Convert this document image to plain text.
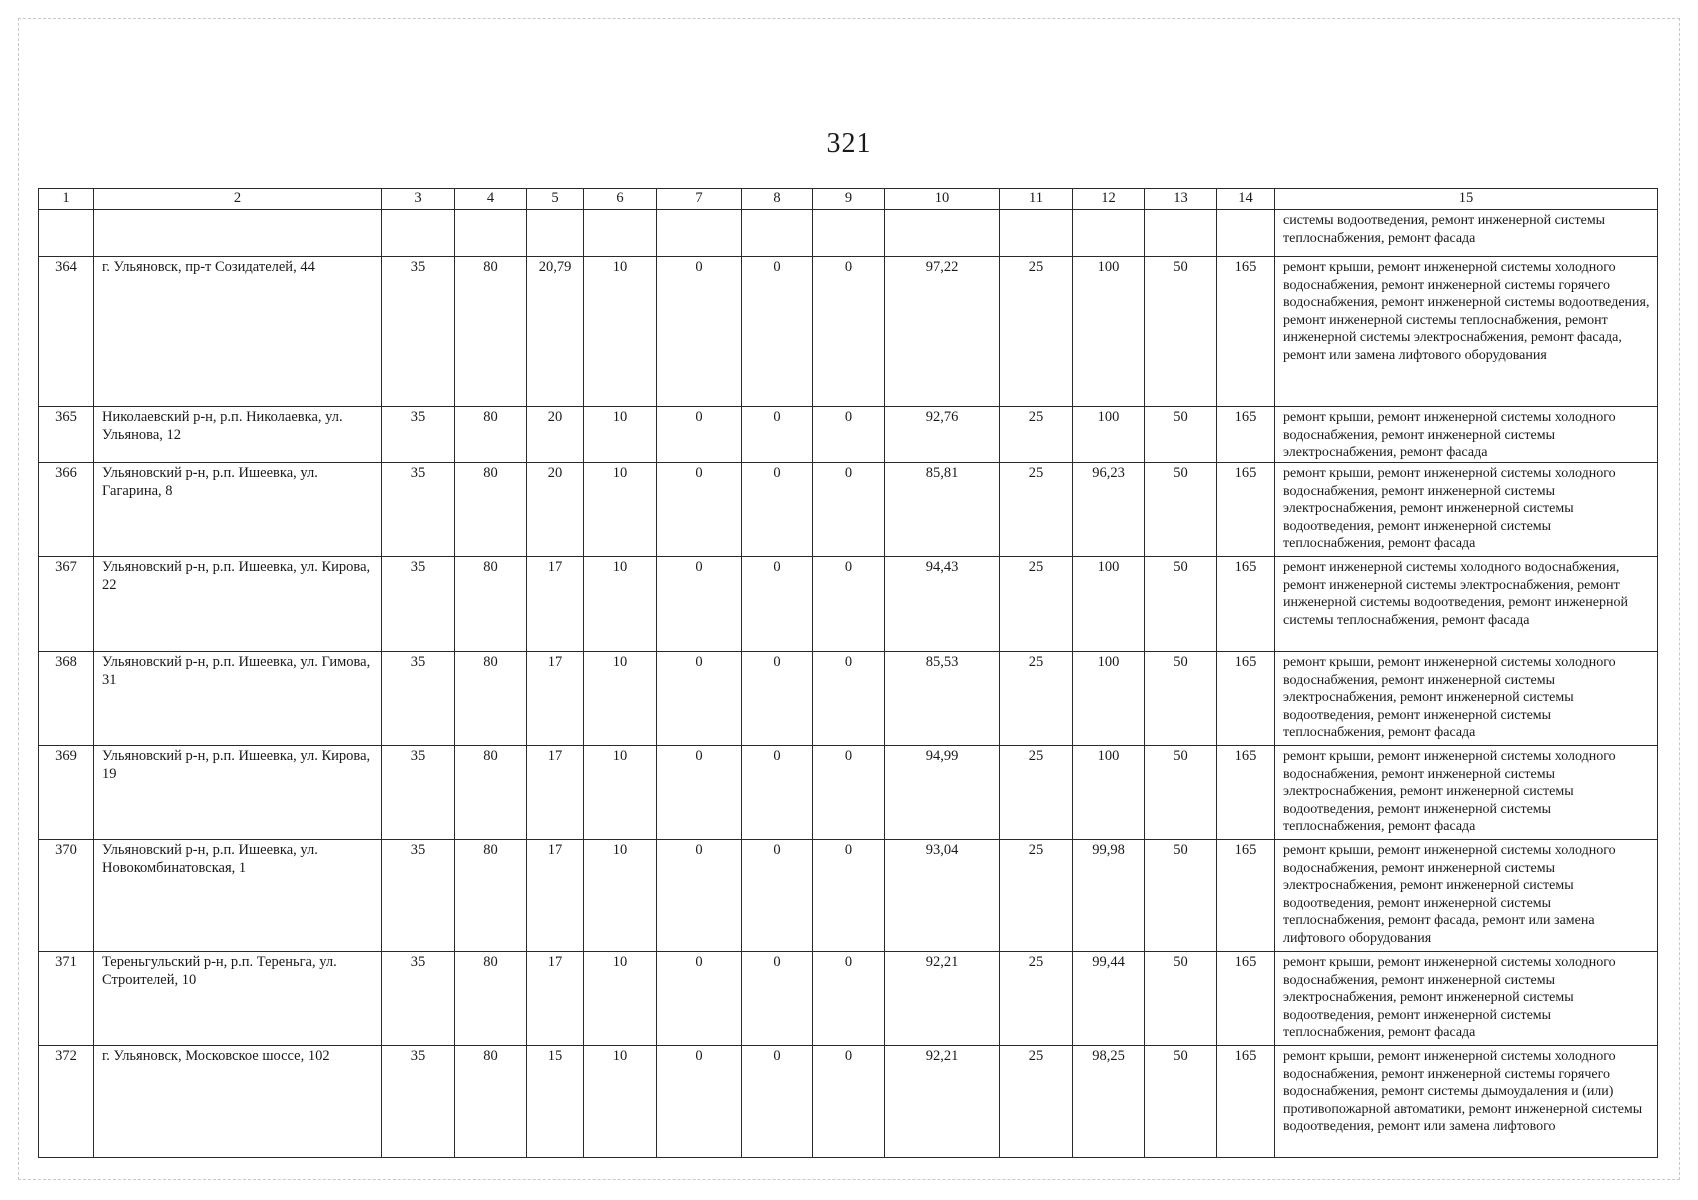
321
1	2	3	4	5	6	7	8	9	10	11	12	13	14	15
														системы водоотведения, ремонт инженерной системы теплоснабжения, ремонт фасада
364	г. Ульяновск, пр-т Созидателей, 44	35	80	20,79	10	0	0	0	97,22	25	100	50	165	ремонт крыши, ремонт инженерной системы холодного водоснабжения, ремонт инженерной системы горячего водоснабжения, ремонт инженерной системы водоотведения, ремонт инженерной системы теплоснабжения, ремонт инженерной системы электроснабжения, ремонт фасада, ремонт или замена лифтового оборудования
365	Николаевский р-н, р.п. Николаевка, ул. Ульянова, 12	35	80	20	10	0	0	0	92,76	25	100	50	165	ремонт крыши, ремонт инженерной системы холодного водоснабжения, ремонт инженерной системы электроснабжения, ремонт фасада
366	Ульяновский р-н, р.п. Ишеевка, ул. Гагарина, 8	35	80	20	10	0	0	0	85,81	25	96,23	50	165	ремонт крыши, ремонт инженерной системы холодного водоснабжения, ремонт инженерной системы электроснабжения, ремонт инженерной системы водоотведения, ремонт инженерной системы теплоснабжения, ремонт фасада
367	Ульяновский р-н, р.п. Ишеевка, ул. Кирова, 22	35	80	17	10	0	0	0	94,43	25	100	50	165	ремонт инженерной системы холодного водоснабжения, ремонт инженерной системы электроснабжения, ремонт инженерной системы водоотведения, ремонт инженерной системы теплоснабжения, ремонт фасада
368	Ульяновский р-н, р.п. Ишеевка, ул. Гимова, 31	35	80	17	10	0	0	0	85,53	25	100	50	165	ремонт крыши, ремонт инженерной системы холодного водоснабжения, ремонт инженерной системы электроснабжения, ремонт инженерной системы водоотведения, ремонт инженерной системы теплоснабжения, ремонт фасада
369	Ульяновский р-н, р.п. Ишеевка, ул. Кирова, 19	35	80	17	10	0	0	0	94,99	25	100	50	165	ремонт крыши, ремонт инженерной системы холодного водоснабжения, ремонт инженерной системы электроснабжения, ремонт инженерной системы водоотведения, ремонт инженерной системы теплоснабжения, ремонт фасада
370	Ульяновский р-н, р.п. Ишеевка, ул. Новокомбинатовская, 1	35	80	17	10	0	0	0	93,04	25	99,98	50	165	ремонт крыши, ремонт инженерной системы холодного водоснабжения, ремонт инженерной системы электроснабжения, ремонт инженерной системы водоотведения, ремонт инженерной системы теплоснабжения, ремонт фасада, ремонт или замена лифтового оборудования
371	Тереньгульский р-н, р.п. Тереньга, ул. Строителей, 10	35	80	17	10	0	0	0	92,21	25	99,44	50	165	ремонт крыши, ремонт инженерной системы холодного водоснабжения, ремонт инженерной системы электроснабжения, ремонт инженерной системы водоотведения, ремонт инженерной системы теплоснабжения, ремонт фасада
372	г. Ульяновск, Московское шоссе, 102	35	80	15	10	0	0	0	92,21	25	98,25	50	165	ремонт крыши, ремонт инженерной системы холодного водоснабжения, ремонт инженерной системы горячего водоснабжения, ремонт системы дымоудаления и (или) противопожарной автоматики, ремонт инженерной системы водоотведения, ремонт или замена лифтового
